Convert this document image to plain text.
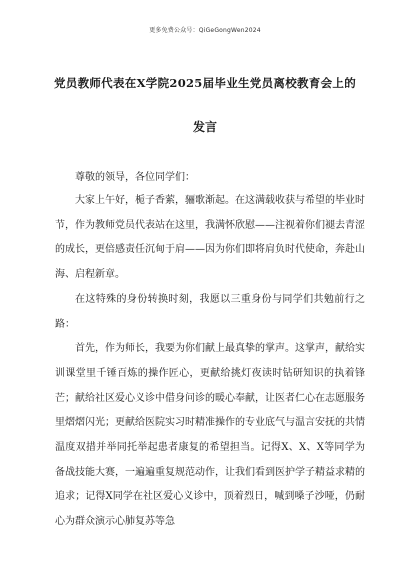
更多免费公众号：QiGeGongWen2024
党员教师代表在X学院2025届毕业生党员离校教育会上的
发言
尊敬的领导，各位同学们：

大家上午好，栀子香萦，骊歌渐起。在这满载收获与希望的毕业时节，作为教师党员代表站在这里，我满怀欣慰——注视着你们褪去青涩的成长，更倍感责任沉甸于肩——因为你们即将肩负时代使命，奔赴山海、启程新章。

在这特殊的身份转换时刻，我愿以三重身份与同学们共勉前行之路：

首先，作为师长，我要为你们献上最真挚的掌声。这掌声，献给实训课堂里千锤百炼的操作匠心，更献给挑灯夜读时钻研知识的执着锋芒；献给社区爱心义诊中借身问诊的暖心奉献，让医者仁心在志愿服务里熠熠闪光；更献给医院实习时精准操作的专业底气与温言安抚的共情温度双措并举同托举起患者康复的希望担当。记得X、X、X等同学为备战技能大赛，一遍遍重复规范动作，让我们看到医护学子精益求精的追求；记得X同学在社区爱心义诊中，顶着烈日，喊到嗓子沙哑，仍耐心为群众演示心肺复苏等急
